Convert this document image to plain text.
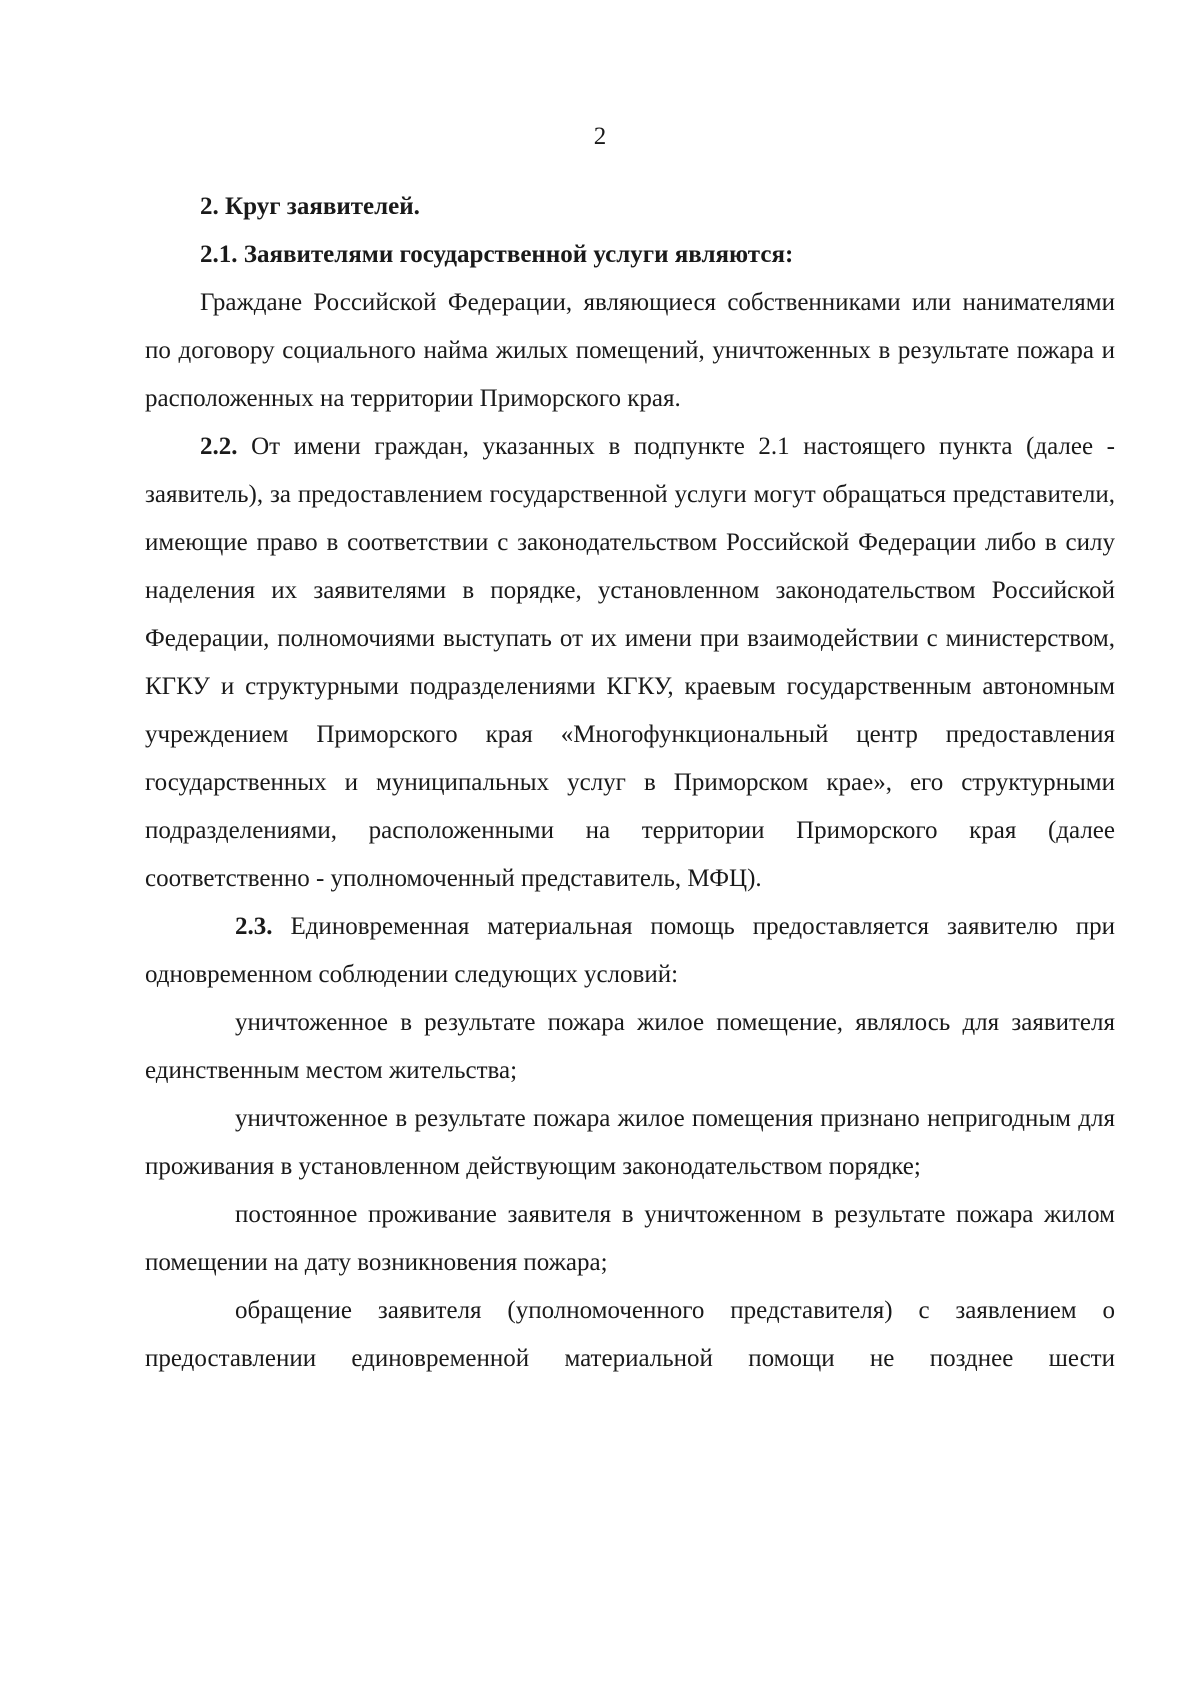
2

2. Круг заявителей.

2.1. Заявителями государственной услуги являются:

Граждане Российской Федерации, являющиеся собственниками или нанимателями по договору социального найма жилых помещений, уничтоженных в результате пожара и расположенных на территории Приморского края.

2.2. От имени граждан, указанных в подпункте 2.1 настоящего пункта (далее - заявитель), за предоставлением государственной услуги могут обращаться представители, имеющие право в соответствии с законодательством Российской Федерации либо в силу наделения их заявителями в порядке, установленном законодательством Российской Федерации, полномочиями выступать от их имени при взаимодействии с министерством, КГКУ и структурными подразделениями КГКУ, краевым государственным автономным учреждением Приморского края «Многофункциональный центр предоставления государственных и муниципальных услуг в Приморском крае», его структурными подразделениями, расположенными на территории Приморского края (далее соответственно - уполномоченный представитель, МФЦ).

2.3. Единовременная материальная помощь предоставляется заявителю при одновременном соблюдении следующих условий:

уничтоженное в результате пожара жилое помещение, являлось для заявителя единственным местом жительства;

уничтоженное в результате пожара жилое помещения признано непригодным для проживания в установленном действующим законодательством порядке;

постоянное проживание заявителя в уничтоженном в результате пожара жилом помещении на дату возникновения пожара;

обращение заявителя (уполномоченного представителя) с заявлением о предоставлении единовременной материальной помощи не позднее шести
